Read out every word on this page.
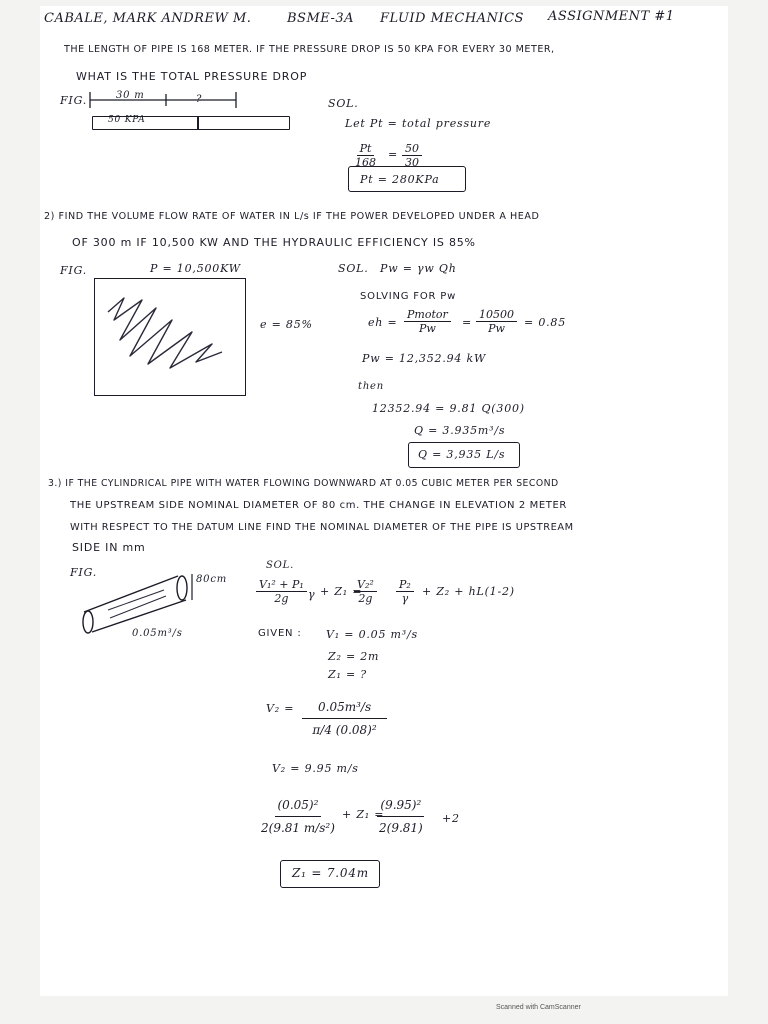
CABALE, MARK ANDREW M.	BSME-3A FLUID MECHANICS ASSIGNMENT #1
THE LENGTH OF PIPE IS 168 METER. IF THE PRESSURE DROP IS 50 KPA FOR EVERY 30 METER,
WHAT IS THE TOTAL PRESSURE DROP
FIG.	30 m	?
50 KPA
SOL.
Let Pt = total pressure
$\frac{Pt}{168} = \frac{50}{30}$
Pt = 280KPa
2) FIND THE VOLUME FLOW RATE OF WATER IN L/s IF THE POWER DEVELOPED UNDER A HEAD
OF 300 m IF 10,500 KW AND THE HYDRAULIC EFFICIENCY IS 85%
FIG.	P = 10,500KW
e = 85%
SOL. Pw = γw Qh
SOLVING FOR Pw
eh =
Pmotor
$Pw = \frac{10500}{Pw} = 0.85$
Pw = 12,352.94 kW
then
12352.94 = 9.81 Q(300)
Q = 3.935m³/s
Q = 3,935 L/s
3.) IF THE CYLINDRICAL PIPE WITH WATER FLOWING DOWNWARD AT 0.05 CUBIC METER PER SECOND
THE UPSTREAM SIDE NOMINAL DIAMETER OF 80 cm. THE CHANGE IN ELEVATION 2 METER
WITH RESPECT TO THE DATUM LINE FIND THE NOMINAL DIAMETER OF THE PIPE IS UPSTREAM
SIDE IN mm
FIG.
80cm
0.05m³/s
SOL.
$\frac{\text{V₁² + P₁}}{2g}$ γ + Z₁ =
$\frac{\text{V₂²}}{2g} \frac{\text{P₂}}{\gamma} + Z_2 + hL(1-2)$
GIVEN : V₁ = 0.05 m³/s
Z₂ = 2m
Z₁ = ?
$V_2 = \frac{\text{0.05m³/s}}{\text{π/4 (0.08)²}}$
V₂ = 9.95 m/s
$\frac{\text{(0.05)²}}{\text{2(9.81 m/s²)}} + Z_1$ =
$\frac{\text{(9.95)²}}{2(9.81)} +2$
Z₁ = 7.04m
Scanned with CamScanner
